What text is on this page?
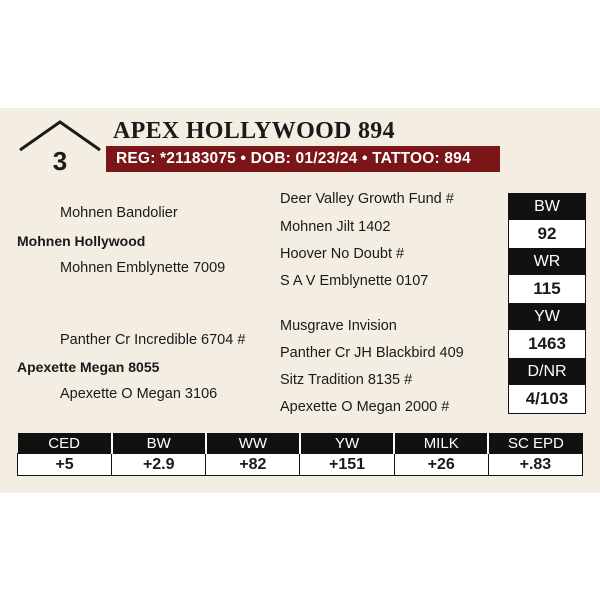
3
APEX HOLLYWOOD 894
REG: *21183075 • DOB: 01/23/24 • TATTOO: 894
Mohnen Bandolier
Mohnen Hollywood
Mohnen Emblynette 7009
Deer Valley Growth Fund #
Mohnen Jilt 1402
Hoover No Doubt #
S A V Emblynette 0107
Panther Cr Incredible 6704 #
Apexette Megan 8055
Apexette O Megan 3106
Musgrave Invision
Panther Cr JH Blackbird 409
Sitz Tradition 8135 #
Apexette O Megan 2000 #
BW
92
WR
115
YW
1463
D/NR
4/103
CED	BW	WW	YW	MILK	SC EPD
+5	+2.9	+82	+151	+26	+.83
